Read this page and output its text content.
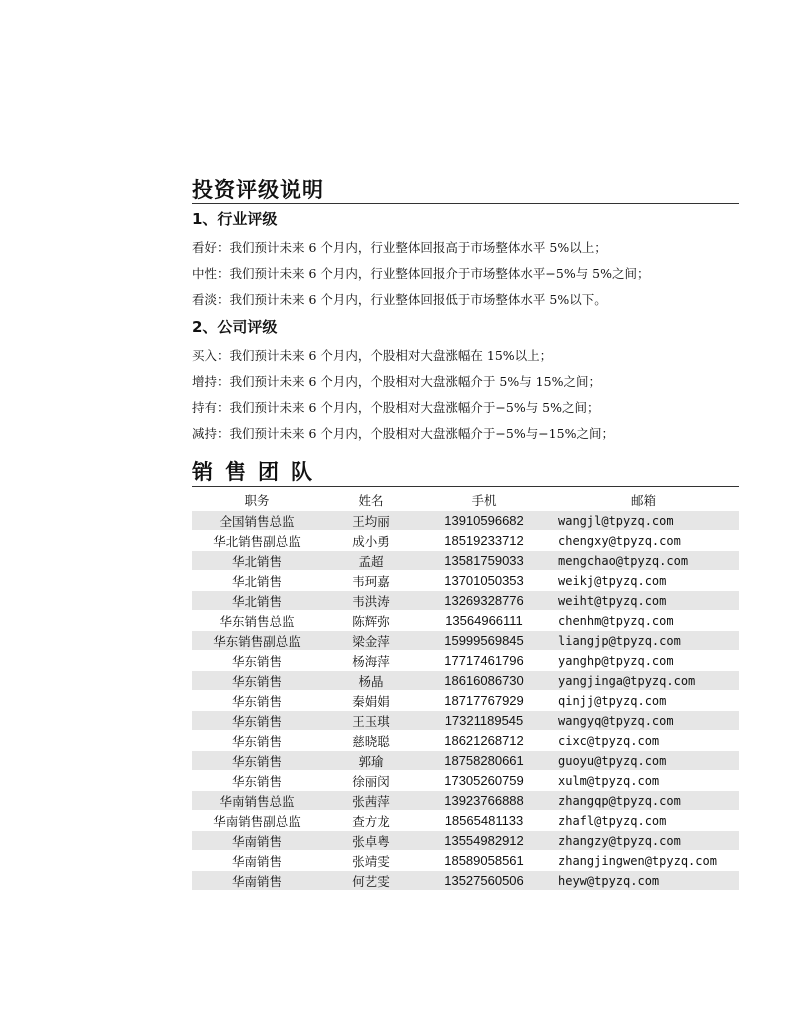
投资评级说明
1、行业评级
看好：我们预计未来 6 个月内，行业整体回报高于市场整体水平 5%以上；
中性：我们预计未来 6 个月内，行业整体回报介于市场整体水平−5%与 5%之间；
看淡：我们预计未来 6 个月内，行业整体回报低于市场整体水平 5%以下。
2、公司评级
买入：我们预计未来 6 个月内，个股相对大盘涨幅在 15%以上；
增持：我们预计未来 6 个月内，个股相对大盘涨幅介于 5%与 15%之间；
持有：我们预计未来 6 个月内，个股相对大盘涨幅介于−5%与 5%之间；
减持：我们预计未来 6 个月内，个股相对大盘涨幅介于−5%与−15%之间；
销售团队
职务	姓名	手机	邮箱
全国销售总监	王均丽	13910596682	wangjl@tpyzq.com
华北销售副总监	成小勇	18519233712	chengxy@tpyzq.com
华北销售	孟超	13581759033	mengchao@tpyzq.com
华北销售	韦珂嘉	13701050353	weikj@tpyzq.com
华北销售	韦洪涛	13269328776	weiht@tpyzq.com
华东销售总监	陈辉弥	13564966111	chenhm@tpyzq.com
华东销售副总监	梁金萍	15999569845	liangjp@tpyzq.com
华东销售	杨海萍	17717461796	yanghp@tpyzq.com
华东销售	杨晶	18616086730	yangjinga@tpyzq.com
华东销售	秦娟娟	18717767929	qinjj@tpyzq.com
华东销售	王玉琪	17321189545	wangyq@tpyzq.com
华东销售	慈晓聪	18621268712	cixc@tpyzq.com
华东销售	郭瑜	18758280661	guoyu@tpyzq.com
华东销售	徐丽闵	17305260759	xulm@tpyzq.com
华南销售总监	张茜萍	13923766888	zhangqp@tpyzq.com
华南销售副总监	查方龙	18565481133	zhafl@tpyzq.com
华南销售	张卓粤	13554982912	zhangzy@tpyzq.com
华南销售	张靖雯	18589058561	zhangjingwen@tpyzq.com
华南销售	何艺雯	13527560506	heyw@tpyzq.com
